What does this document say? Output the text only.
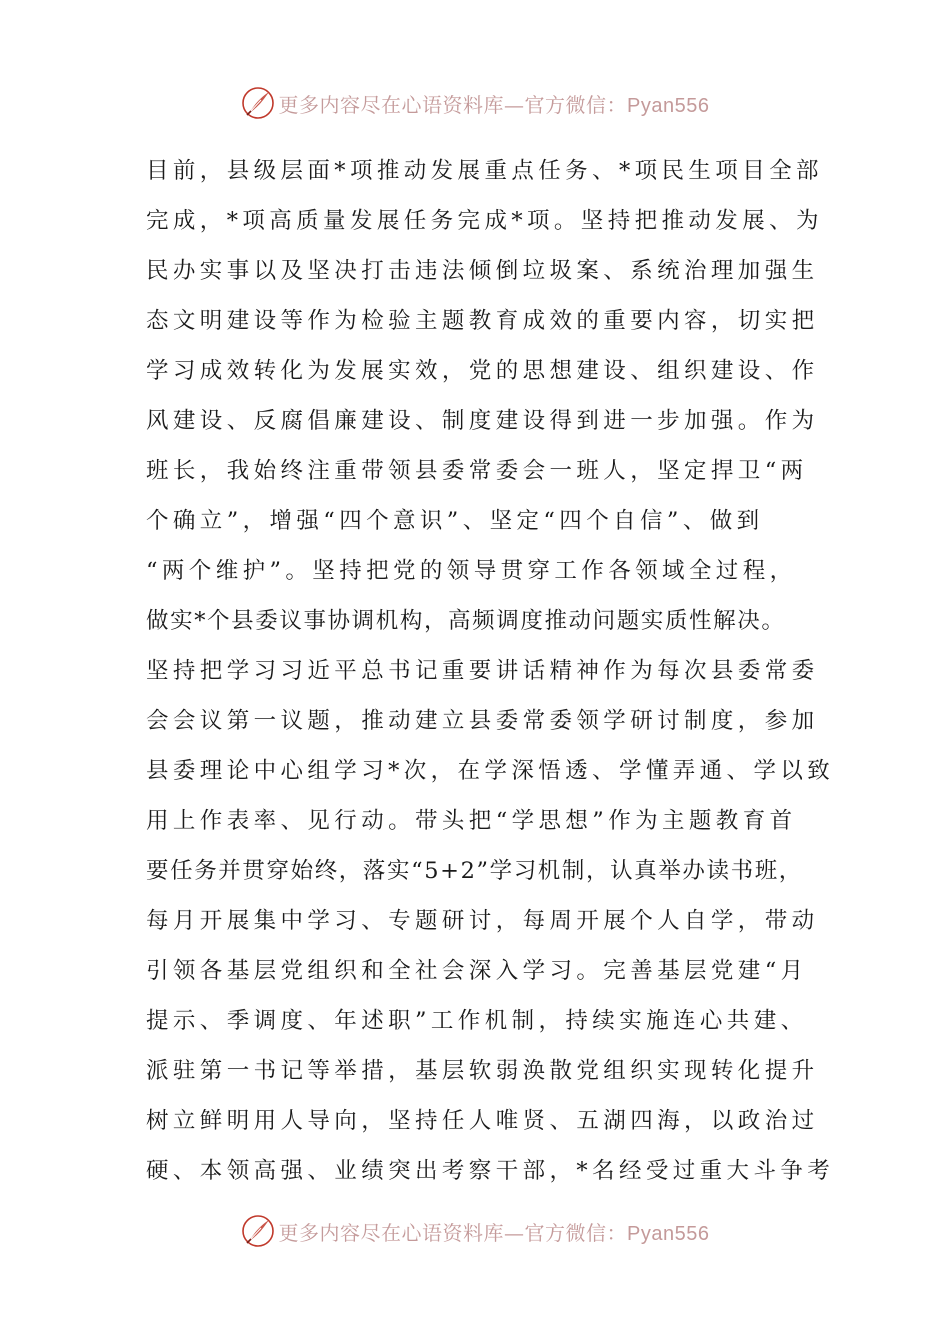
更多内容尽在心语资料库—官方微信：Pyan556
目前，县级层面*项推动发展重点任务、*项民生项目全部
完成，*项高质量发展任务完成*项。坚持把推动发展、为
民办实事以及坚决打击违法倾倒垃圾案、系统治理加强生
态文明建设等作为检验主题教育成效的重要内容，切实把
学习成效转化为发展实效，党的思想建设、组织建设、作
风建设、反腐倡廉建设、制度建设得到进一步加强。作为
班长，我始终注重带领县委常委会一班人，坚定捍卫“两
个确立”，增强“四个意识”、坚定“四个自信”、做到
“两个维护”。坚持把党的领导贯穿工作各领域全过程，
做实*个县委议事协调机构，高频调度推动问题实质性解决。
坚持把学习习近平总书记重要讲话精神作为每次县委常委
会会议第一议题，推动建立县委常委领学研讨制度，参加
县委理论中心组学习*次，在学深悟透、学懂弄通、学以致
用上作表率、见行动。带头把“学思想”作为主题教育首
要任务并贯穿始终，落实“5+2”学习机制，认真举办读书班，
每月开展集中学习、专题研讨，每周开展个人自学，带动
引领各基层党组织和全社会深入学习。完善基层党建“月
提示、季调度、年述职”工作机制，持续实施连心共建、
派驻第一书记等举措，基层软弱涣散党组织实现转化提升
树立鲜明用人导向，坚持任人唯贤、五湖四海，以政治过
硬、本领高强、业绩突出考察干部，*名经受过重大斗争考
更多内容尽在心语资料库—官方微信：Pyan556
